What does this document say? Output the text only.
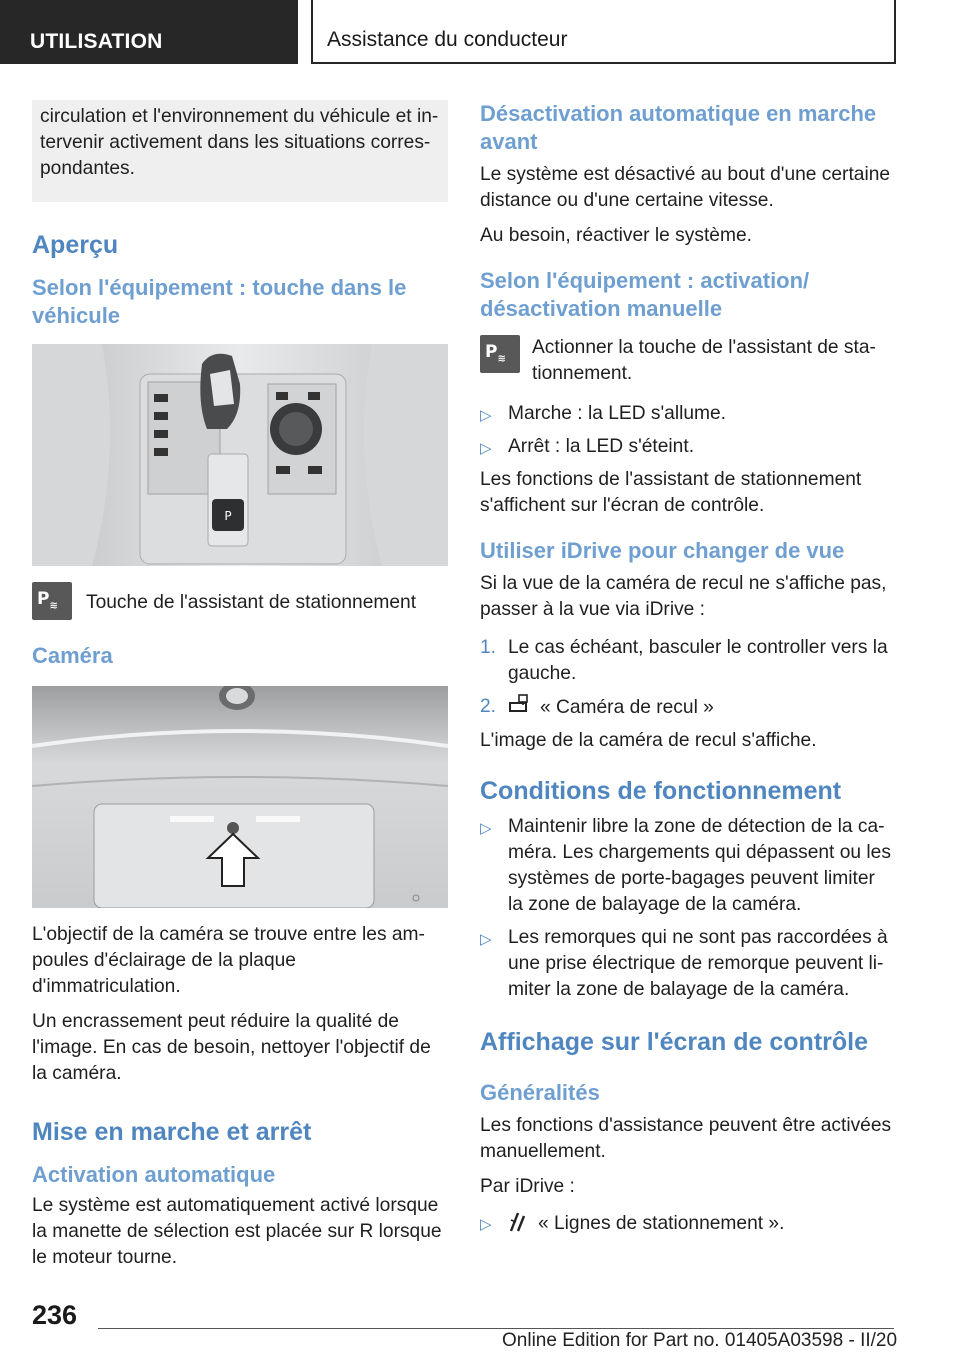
UTILISATION	Assistance du conducteur

circulation et l'environnement du véhicule et in-tervenir activement dans les situations corres-pondantes.

Aperçu
Selon l'équipement : touche dans le véhicule
P
$P_≋$ Touche de l'assistant de stationnement

Caméra

L'objectif de la caméra se trouve entre les am-poules d'éclairage de la plaque d'immatriculation.

Un encrassement peut réduire la qualité de l'image. En cas de besoin, nettoyer l'objectif de la caméra.

Mise en marche et arrêt
Activation automatique

Le système est automatiquement activé lorsque la manette de sélection est placée sur R lorsque le moteur tourne.

Désactivation automatique en marche avant

Le système est désactivé au bout d'une certaine distance ou d'une certaine vitesse.

Au besoin, réactiver le système.

Selon l'équipement : activation/ désactivation manuelle
$P_≋$

Actionner la touche de l'assistant de sta-tionnement.

▷ Marche : la LED s'allume.
▷ Arrêt : la LED s'éteint.

Les fonctions de l'assistant de stationnement s'affichent sur l'écran de contrôle.

Utiliser iDrive pour changer de vue

Si la vue de la caméra de recul ne s'affiche pas, passer à la vue via iDrive :

1. Le cas échéant, basculer le controller vers la gauche.
2. « Caméra de recul »

L'image de la caméra de recul s'affiche.

Conditions de fonctionnement
▷ Maintenir libre la zone de détection de la ca-méra. Les chargements qui dépassent ou les systèmes de porte-bagages peuvent limiter la zone de balayage de la caméra.
▷ Les remorques qui ne sont pas raccordées à une prise électrique de remorque peuvent li-miter la zone de balayage de la caméra.
Affichage sur l'écran de contrôle
Généralités

Les fonctions d'assistance peuvent être activées manuellement.

Par iDrive :

▷ « Lignes de stationnement ».
236
Online Edition for Part no. 01405A03598 - II/20
